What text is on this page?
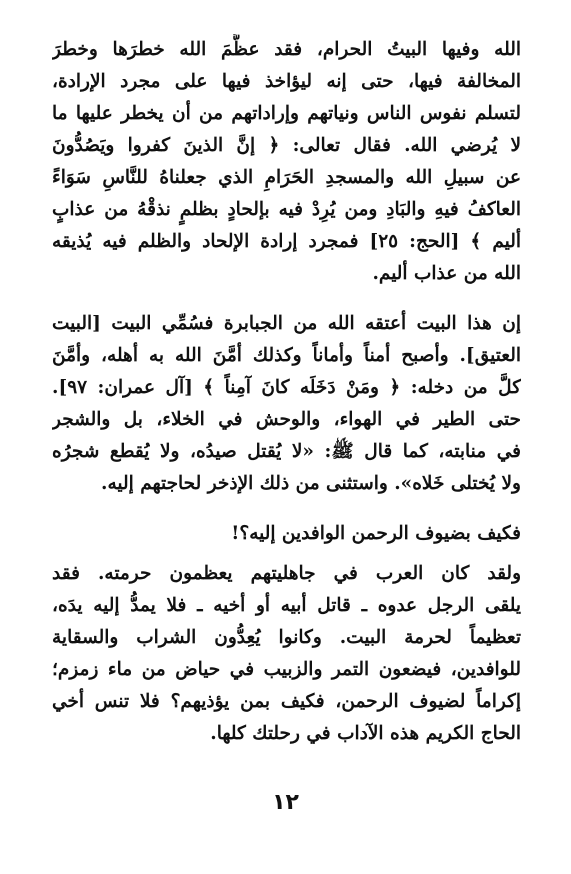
الله وفيها البيتُ الحرام، فقد عظَّمَ الله خطرَها وخطرَ
المخالفة فيها، حتى إنه ليؤاخذ فيها على مجرد الإرادة،
لتسلم نفوس الناس ونياتهم وإراداتهم من أن يخطر عليها ما
لا يُرضي الله. فقال تعالى: ﴿ إنَّ الذينَ كفروا ويَصُدُّونَ
عن سبيلِ الله والمسجدِ الحَرَامِ الذي جعلناهُ للنَّاسِ سَوَاءً
العاكفُ فيهِ والبَادِ ومن يُرِدْ فيه بإلحادٍ بظلمٍ نذقْهُ من عذابٍ
أليم ﴾ [الحج: ٢٥] فمجرد إرادة الإلحاد والظلم فيه يُذيقه
الله من عذاب أليم.
إن هذا البيت أعتقه الله من الجبابرة فسُمِّي البيت [البيت
العتيق]. وأصبح أمناً وأماناً وكذلك أمَّنَ الله به أهله، وأمَّنَ
كلَّ من دخله: ﴿ ومَنْ دَخَلَه كانَ آمِناً ﴾ [آل عمران: ٩٧].
حتى الطير في الهواء، والوحش في الخلاء، بل والشجر
في منابته، كما قال ﷺ: «لا يُقتل صيدُه، ولا يُقطع شجرُه
ولا يُختلى خَلاه». واستثنى من ذلك الإذخر لحاجتهم إليه.
فكيف بضيوف الرحمن الوافدين إليه؟!
ولقد كان العرب في جاهليتهم يعظمون حرمته. فقد
يلقى الرجل عدوه ـ قاتل أبيه أو أخيه ـ فلا يمدُّ إليه يدَه،
تعظيماً لحرمة البيت. وكانوا يُعِدُّون الشراب والسقاية
للوافدين، فيضعون التمر والزبيب في حياض من ماء زمزم؛
إكراماً لضيوف الرحمن، فكيف بمن يؤذيهم؟ فلا تنس أخي
الحاج الكريم هذه الآداب في رحلتك كلها.
١٢
